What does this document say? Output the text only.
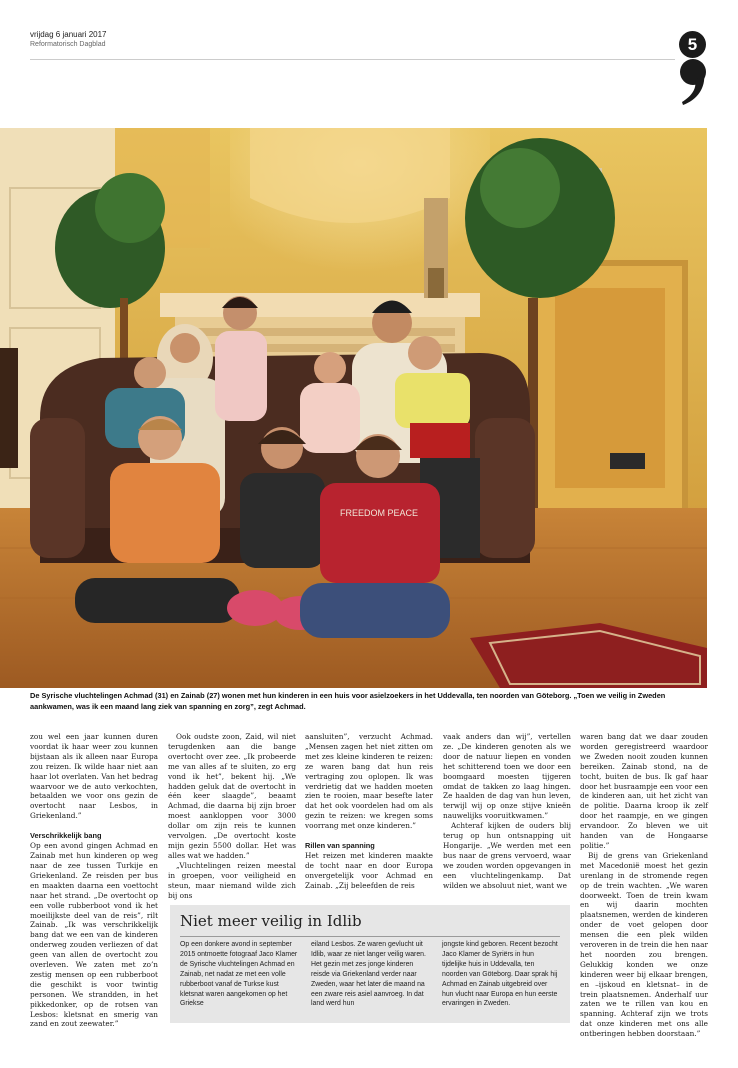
vrijdag 6 januari 2017
Reformatorisch Dagblad	5
FREEDOM PEACE
De Syrische vluchtelingen Achmad (31) en Zainab (27) wonen met hun kinderen in een huis voor asielzoekers in het Uddevalla, ten noorden van Göteborg. „Toen we veilig in Zweden aankwamen, was ik een maand lang ziek van spanning en zorg”, zegt Achmad.

zou wel een jaar kunnen duren voordat ik haar weer zou kunnen bijstaan als ik alleen naar Europa zou reizen. Ik wilde haar niet aan haar lot overlaten. Van het bedrag waarvoor we de auto verkochten, betaalden we voor ons gezin de overtocht naar Lesbos, in Griekenland.”

Verschrikkelijk bang

Op een avond gingen Achmad en Zainab met hun kinderen op weg naar de zee tussen Turkije en Griekenland. Ze reisden per bus en maakten daarna een voettocht naar het strand. „De overtocht op een volle rubberboot vond ik het moeilijkste deel van de reis”, rilt Zainab. „Ik was verschrikkelijk bang dat we een van de kinderen onderweg zouden verliezen of dat geen van allen de overtocht zou overleven. We zaten met zo’n zestig mensen op een rubberboot die geschikt is voor twintig personen. We strandden, in het pikkedonker, op de rotsen van Lesbos: kletsnat en smerig van zand en zout zeewater.”

Ook oudste zoon, Zaid, wil niet terugdenken aan die bange overtocht over zee. „Ik probeerde me van alles af te sluiten, zo erg vond ik het”, bekent hij. „We hadden geluk dat de overtocht in één keer slaagde”, beaamt Achmad, die daarna bij zijn broer moest aankloppen voor 3000 dollar om zijn reis te kunnen vervolgen. „De overtocht koste mijn gezin 5500 dollar. Het was alles wat we hadden.”

„Vluchtelingen reizen meestal in groepen, voor veiligheid en steun, maar niemand wilde zich bij ons

aansluiten”, verzucht Achmad. „Mensen zagen het niet zitten om met zes kleine kinderen te reizen: ze waren bang dat hun reis vertraging zou oplopen. Ik was verdrietig dat we hadden moeten zien te rooien, maar besefte later dat het ook voordelen had om als gezin te reizen: we kregen soms voorrang met onze kinderen.”

Rillen van spanning

Het reizen met kinderen maakte de tocht naar en door Europa onvergetelijk voor Achmad en Zainab. „Zij beleefden de reis

vaak anders dan wij”, vertellen ze. „De kinderen genoten als we door de natuur liepen en vonden het schitterend toen we door een boomgaard moesten tijgeren omdat de takken zo laag hingen. Ze haalden de dag van hun leven, terwijl wij op onze stijve knieën nauwelijks vooruitkwamen.”

Achteraf kijken de ouders blij terug op hun ontsnapping uit Hongarije. „We werden met een bus naar de grens vervoerd, waar we zouden worden opgevangen in een vluchtelingenkamp. Dat wilden we absoluut niet, want we

waren bang dat we daar zouden worden geregistreerd waardoor we Zweden nooit zouden kunnen bereiken. Zainab stond, na de tocht, buiten de bus. Ik gaf haar door het busraampje een voor een de kinderen aan, uit het zicht van de politie. Daarna kroop ik zelf door het raampje, en we gingen ervandoor. Zo bleven we uit handen van de Hongaarse politie.”

Bij de grens van Griekenland met Macedonië moest het gezin urenlang in de stromende regen op de trein wachten. „We waren doorweekt. Toen de trein kwam en wij daarin mochten plaatsnemen, werden de kinderen onder de voet gelopen door mensen die een plek wilden veroveren in de trein die hen naar het noorden zou brengen. Gelukkig konden we onze kinderen weer bij elkaar brengen, en –ijskoud en kletsnat– in de trein plaatsnemen. Anderhalf uur zaten we te rillen van kou en spanning. Achteraf zijn we trots dat onze kinderen met ons alle ontberingen hebben doorstaan.”

Niet meer veilig in Idlib
Op een donkere avond in september 2015 ontmoette fotograaf Jaco Klamer de Syrische vluchtelingen Achmad en Zainab, net nadat ze met een volle rubberboot vanaf de Turkse kust kletsnat waren aangekomen op het Griekse
eiland Lesbos. Ze waren gevlucht uit Idlib, waar ze niet langer veilig waren. Het gezin met zes jonge kinderen reisde via Griekenland verder naar Zweden, waar het later die maand na een zware reis asiel aanvroeg. In dat land werd hun
jongste kind geboren. Recent bezocht Jaco Klamer de Syriërs in hun tijdelijke huis in Uddevalla, ten noorden van Göteborg. Daar sprak hij Achmad en Zainab uitgebreid over hun vlucht naar Europa en hun eerste ervaringen in Zweden.
